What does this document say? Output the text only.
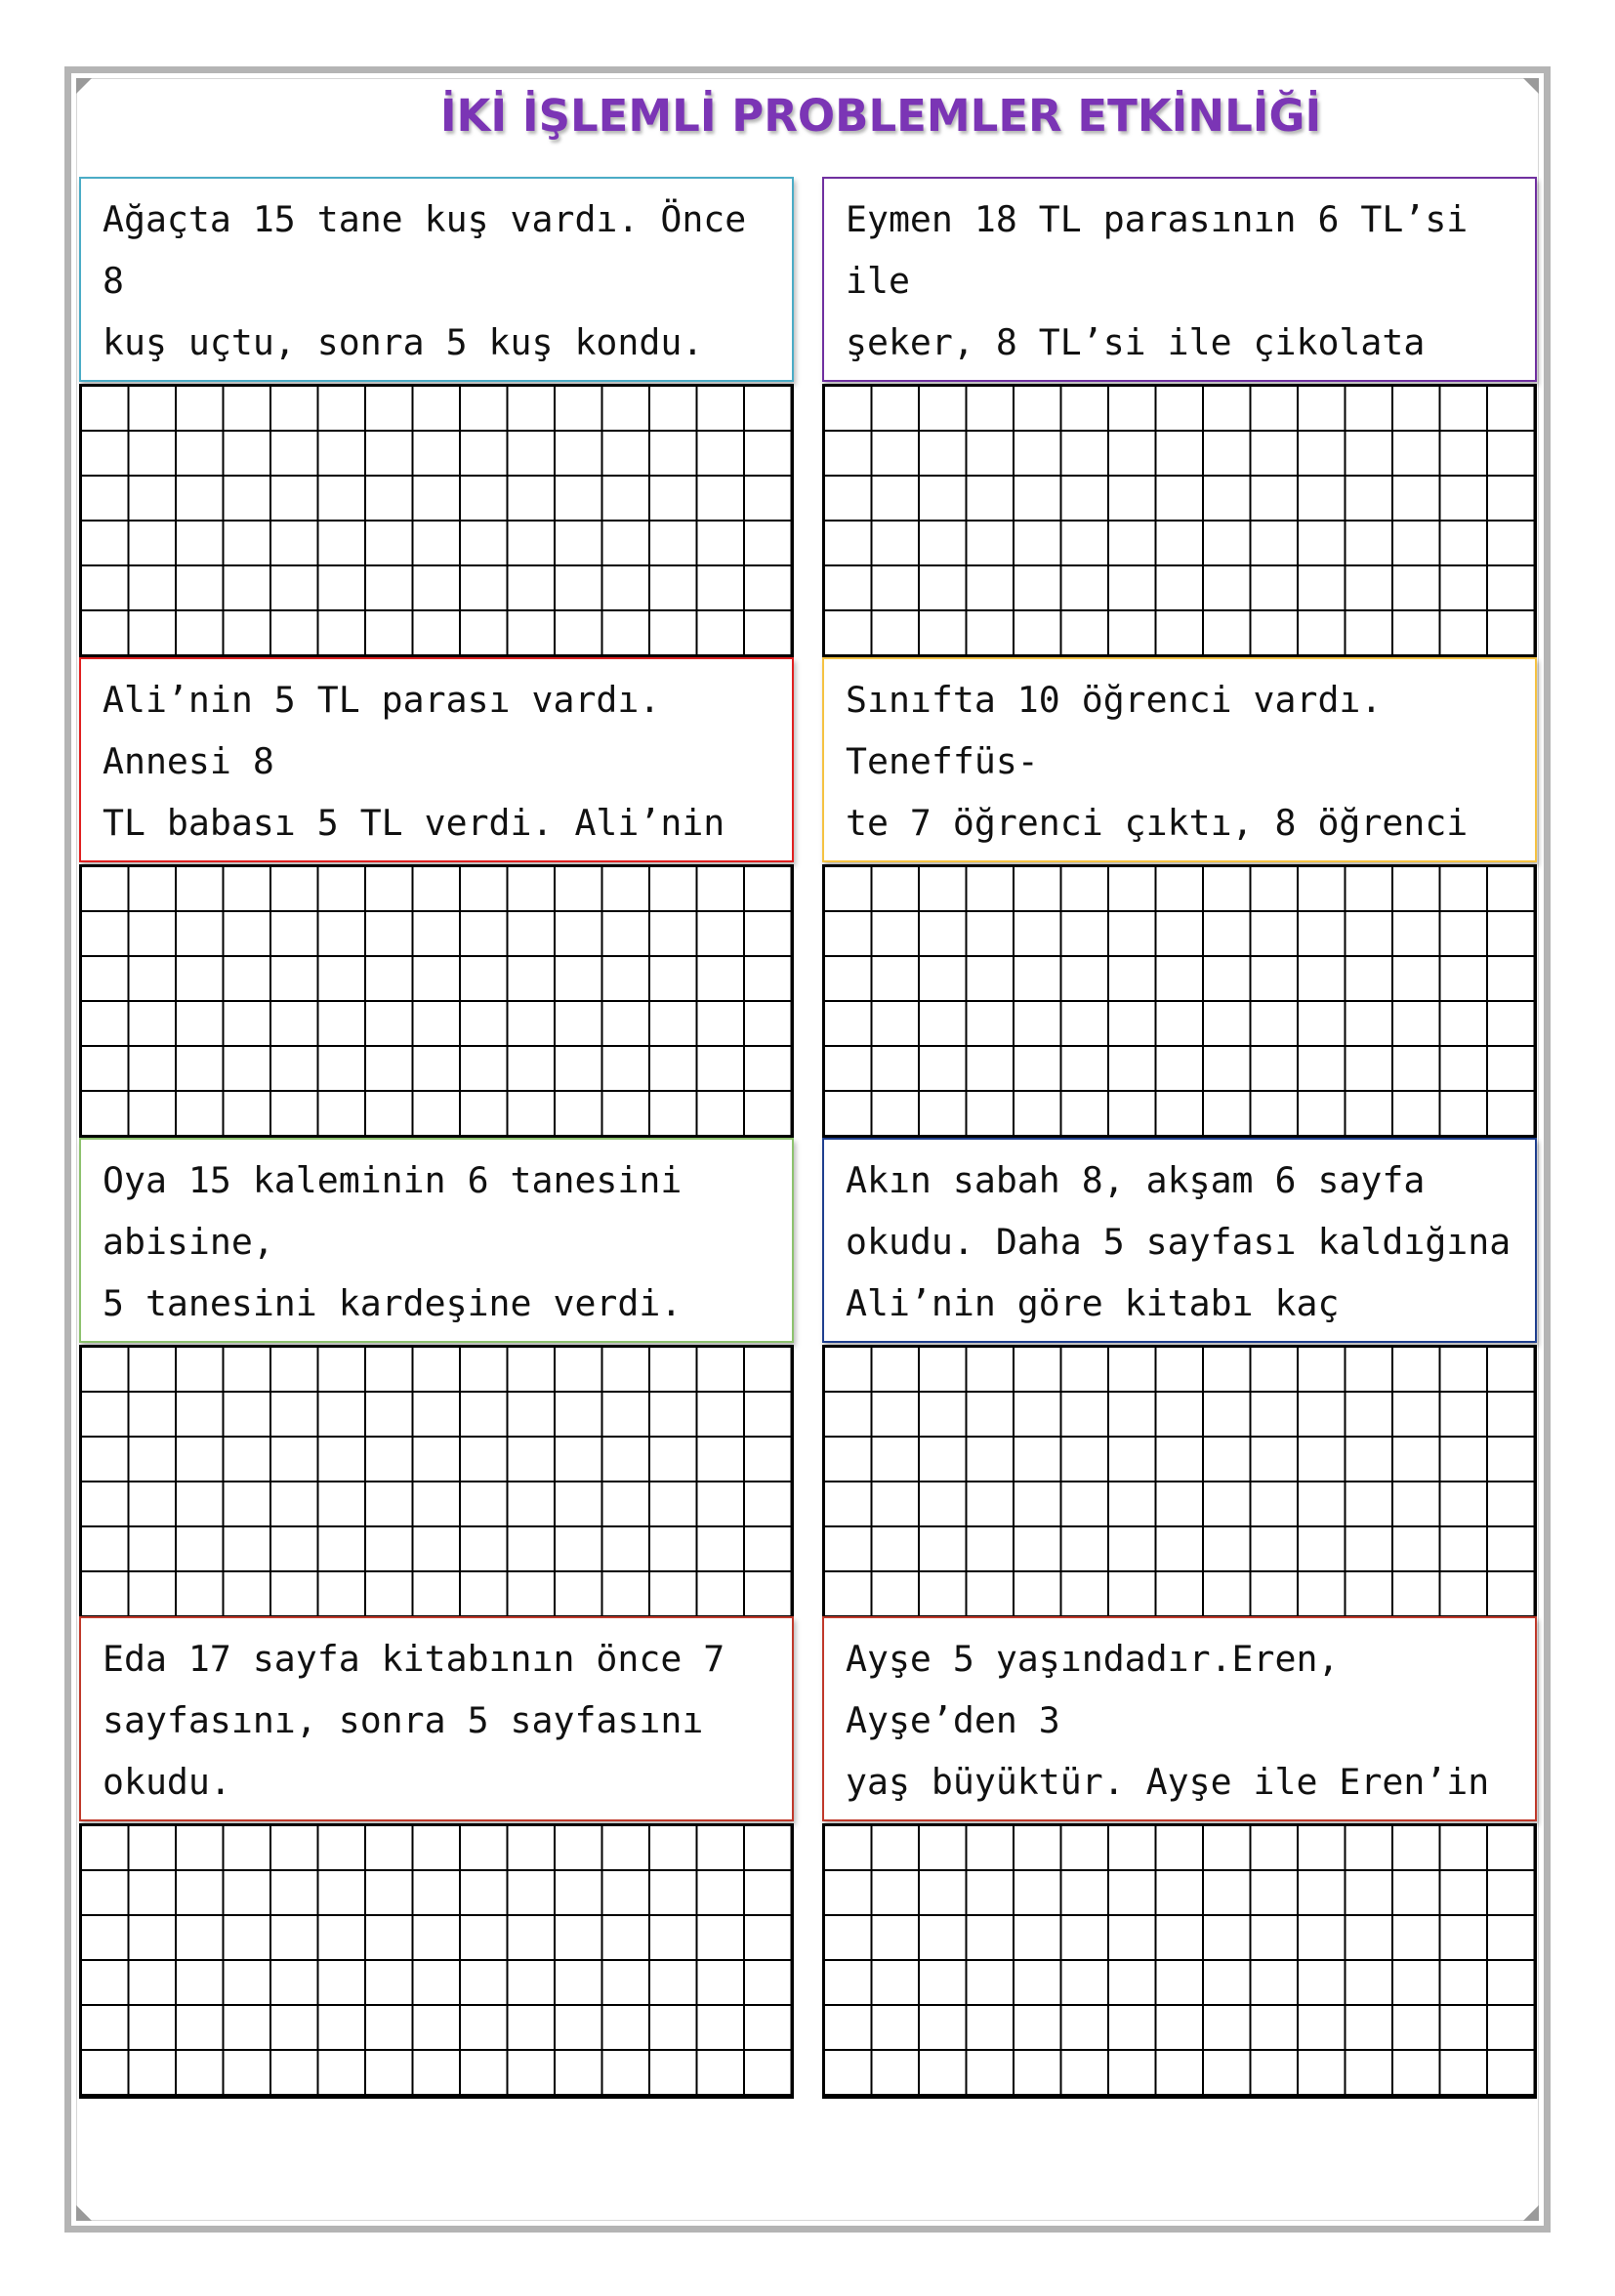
İKİ İŞLEMLİ PROBLEMLER ETKİNLİĞİ
Ağaçta 15 tane kuş vardı. Önce 8
kuş uçtu, sonra 5 kuş kondu.

Eymen 18 TL parasının 6 TL’si ile
şeker, 8 TL’si ile çikolata

Ali’nin 5 TL parası vardı. Annesi 8
TL babası 5 TL verdi. Ali’nin

Sınıfta 10 öğrenci vardı. Teneffüs-
te 7 öğrenci çıktı, 8 öğrenci

Oya 15 kaleminin 6 tanesini abisine,
5 tanesini kardeşine verdi.

Akın sabah 8, akşam 6 sayfa
okudu. Daha 5 sayfası kaldığına
Ali’nin göre kitabı kaç
Eda 17 sayfa kitabının önce 7
sayfasını, sonra 5 sayfasını okudu.

Ayşe 5 yaşındadır.Eren, Ayşe’den 3
yaş büyüktür. Ayşe ile Eren’in
